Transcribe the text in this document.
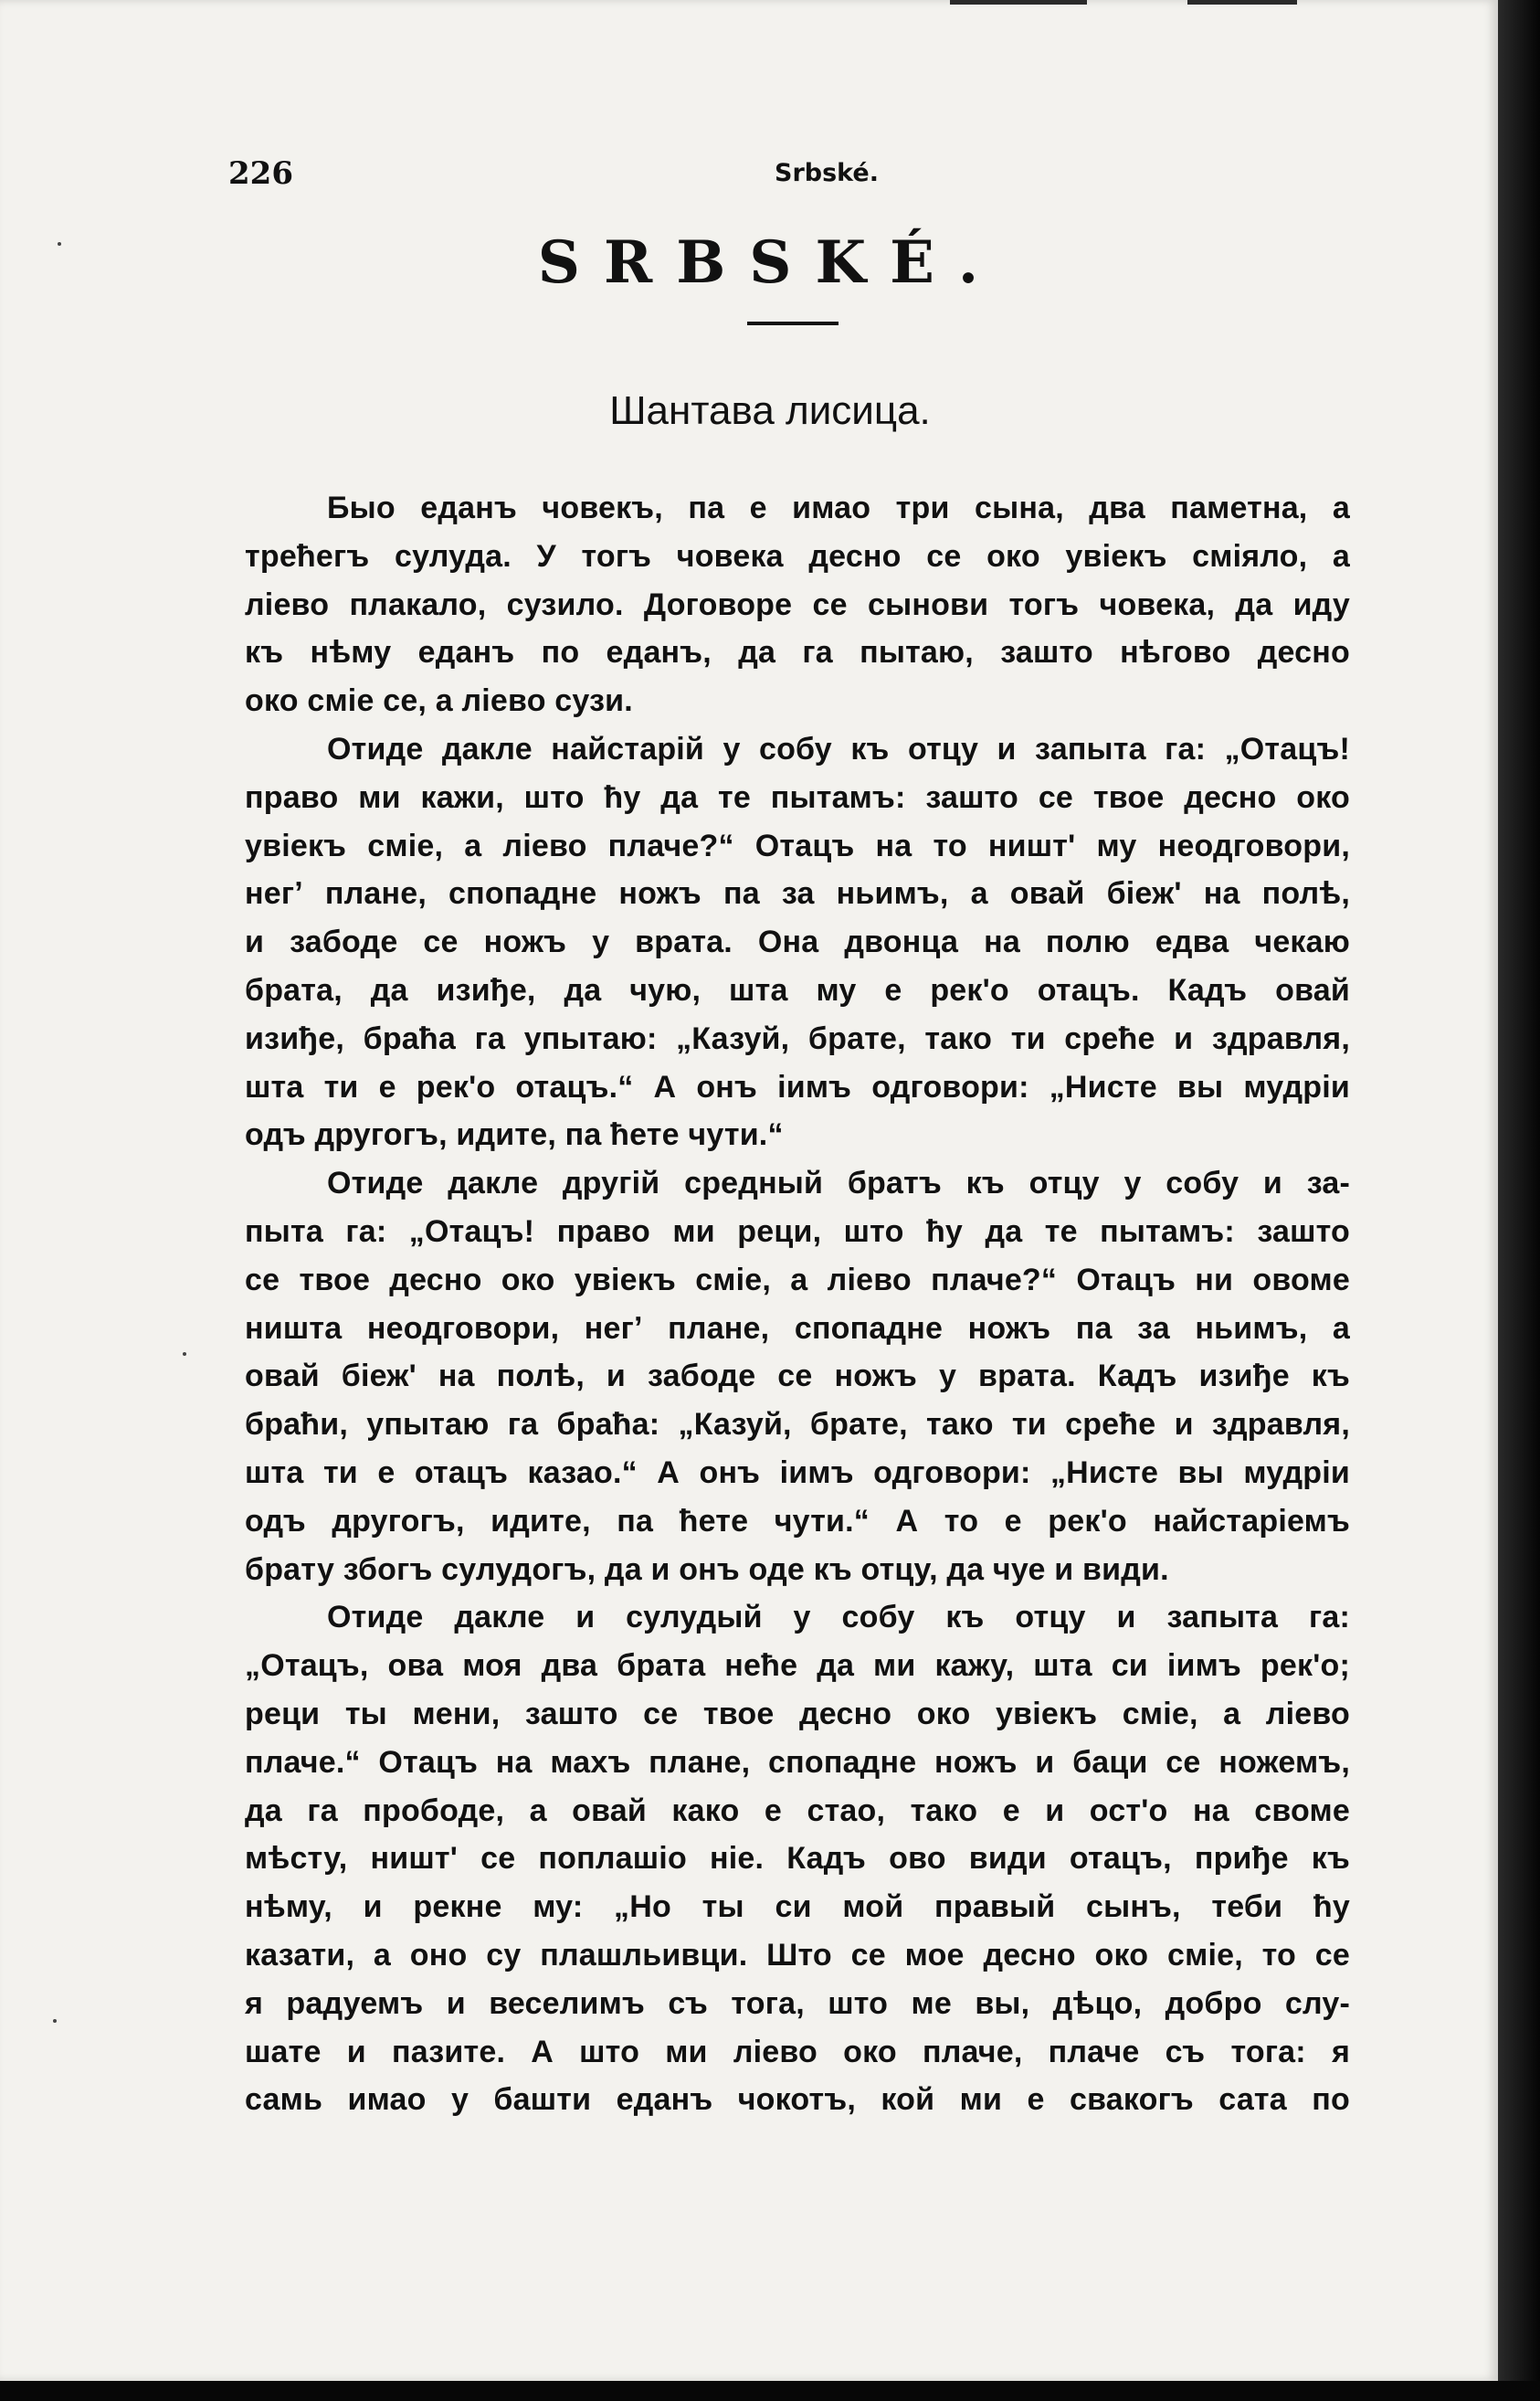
226	Srbské.
SRBSKÉ.
Шантава лисица.
Быо еданъ човекъ, па е имао три сына, два паметна, а
трећегъ сулуда. У тогъ човека десно се око увіекъ сміяло, а
ліево плакало, сузило. Договоре се сынови тогъ човека, да иду
къ нѣму еданъ по еданъ, да га пытаю, зашто нѣгово десно
око сміе се, а ліево сузи.
Отиде дакле найстарій у собу къ отцу и запыта га: „Отацъ!
право ми кажи, што ћу да те пытамъ: зашто се твое десно око
увіекъ сміе, а ліево плаче?“ Отацъ на то ништ' му неодговори,
негʼ плане, спопадне ножъ па за ньимъ, а овай біеж' на полѣ,
и забоде се ножъ у врата. Она двонца на полю едва чекаю
брата, да изиђе, да чую, шта му е рек'о отацъ. Кадъ овай
изиђе, браћа га упытаю: „Казуй, брате, тако ти среће и здравля,
шта ти е рек'о отацъ.“ А онъ іимъ одговори: „Нисте вы мудріи
одъ другогъ, идите, па ћете чути.“
Отиде дакле другій средный братъ къ отцу у собу и за-
пыта га: „Отацъ! право ми реци, што ћу да те пытамъ: зашто
се твое десно око увіекъ сміе, а ліево плаче?“ Отацъ ни овоме
ништа неодговори, негʼ плане, спопадне ножъ па за ньимъ, а
овай біеж' на полѣ, и забоде се ножъ у врата. Кадъ изиђе къ
браћи, упытаю га браћа: „Казуй, брате, тако ти среће и здравля,
шта ти е отацъ казао.“ А онъ іимъ одговори: „Нисте вы мудріи
одъ другогъ, идите, па ћете чути.“ А то е рек'о найстаріемъ
брату збогъ сулудогъ, да и онъ оде къ отцу, да чуе и види.
Отиде дакле и сулудый у собу къ отцу и запыта га:
„Отацъ, ова моя два брата неће да ми кажу, шта си іимъ рек'о;
реци ты мени, зашто се твое десно око увіекъ сміе, а ліево
плаче.“ Отацъ на махъ плане, спопадне ножъ и баци се ножемъ,
да га прободе, а овай како е стао, тако е и ост'о на своме
мѣсту, ништ' се поплашіо ніе. Кадъ ово види отацъ, приђе къ
нѣму, и рекне му: „Но ты си мой правый сынъ, теби ћу
казати, а оно су плашльивци. Што се мое десно око сміе, то се
я радуемъ и веселимъ съ тога, што ме вы, дѣцо, добро слу-
шате и пазите. А што ми ліево око плаче, плаче съ тога: я
самь имао у башти еданъ чокотъ, кой ми е свакогъ сата по
